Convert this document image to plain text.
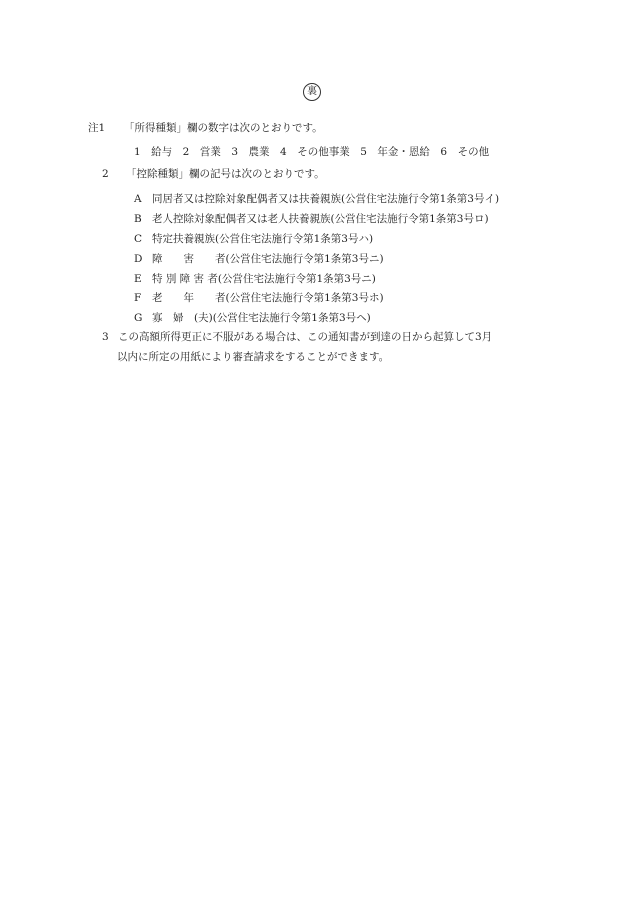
裏
注1 「所得種類」欄の数字は次のとおりです。
1　給与　2　営業　3　農業　4　その他事業　5　年金・恩給　6　その他
2 「控除種類」欄の記号は次のとおりです。
A 同居者又は控除対象配偶者又は扶養親族(公営住宅法施行令第1条第3号イ)
B 老人控除対象配偶者又は老人扶養親族(公営住宅法施行令第1条第3号ロ)
C 特定扶養親族(公営住宅法施行令第1条第3号ハ)
D 障　　害　　者(公営住宅法施行令第1条第3号ニ)
E 特 別 障 害 者(公営住宅法施行令第1条第3号ニ)
F 老　　年　　者(公営住宅法施行令第1条第3号ホ)
G 寡　婦　(夫)(公営住宅法施行令第1条第3号ヘ)
3 この高額所得更正に不服がある場合は、この通知書が到達の日から起算して3月
以内に所定の用紙により審査請求をすることができます。
